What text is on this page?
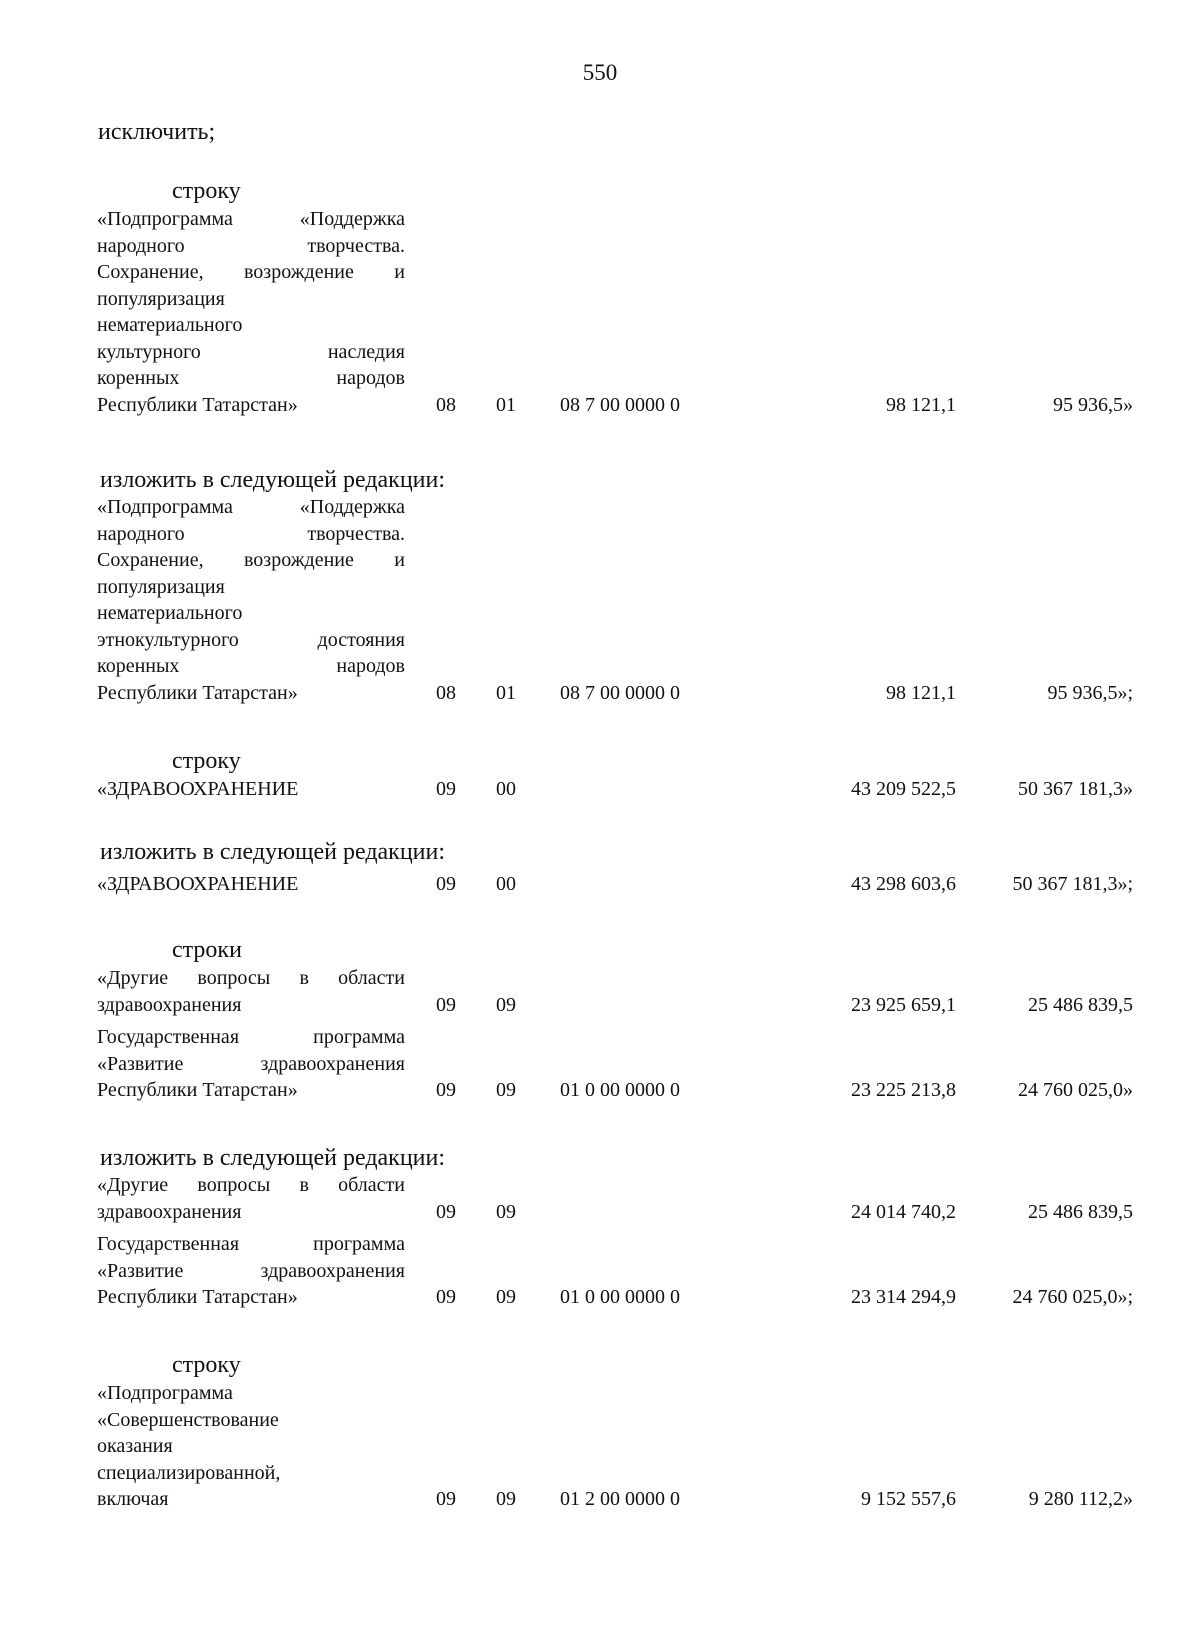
550
исключить;
строку
«Подпрограмма «Поддержка
народного творчества.
Сохранение, возрождение и
популяризация
нематериального
культурного наследия
коренных народов
Республики Татарстан»	08 01 08 7 00 0000 0	98 121,1	95 936,5»
изложить в следующей редакции:
«Подпрограмма «Поддержка
народного творчества.
Сохранение, возрождение и
популяризация
нематериального
этнокультурного достояния
коренных народов
Республики Татарстан»	08 01 08 7 00 0000 0	98 121,1	95 936,5»;
строку
«ЗДРАВООХРАНЕНИЕ	09 00	43 209 522,5	50 367 181,3»
изложить в следующей редакции:
«ЗДРАВООХРАНЕНИЕ	09 00	43 298 603,6	50 367 181,3»;
строки
«Другие вопросы в области
здравоохранения	09 09	23 925 659,1	25 486 839,5
Государственная программа
«Развитие здравоохранения
Республики Татарстан»	09 09 01 0 00 0000 0	23 225 213,8	24 760 025,0»
изложить в следующей редакции:
«Другие вопросы в области
здравоохранения	09 09	24 014 740,2	25 486 839,5
Государственная программа
«Развитие здравоохранения
Республики Татарстан»	09 09 01 0 00 0000 0	23 314 294,9	24 760 025,0»;
строку
«Подпрограмма
«Совершенствование
оказания
специализированной,
включая	09 09 01 2 00 0000 0	9 152 557,6	9 280 112,2»
